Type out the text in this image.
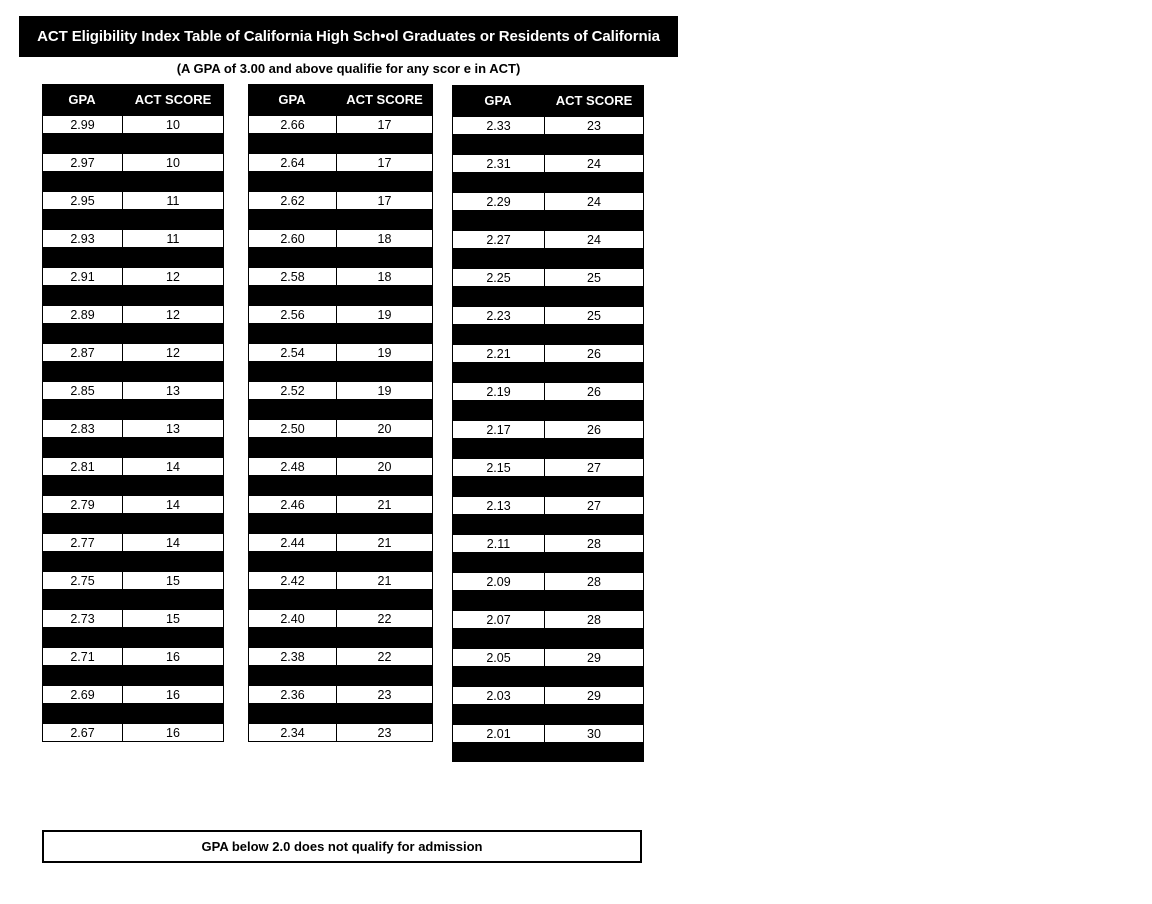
ACT Eligibility Index Table of California High Sch•ol Graduates or Residents of California
(A GPA of 3.00 and above qualifie for any scor e in ACT)
GPA	ACT SCORE
2.99	10
2.97	10
2.95	11
2.93	11
2.91	12
2.89	12
2.87	12
2.85	13
2.83	13
2.81	14
2.79	14
2.77	14
2.75	15
2.73	15
2.71	16
2.69	16
2.67	16
GPA	ACT SCORE
2.66	17
2.64	17
2.62	17
2.60	18
2.58	18
2.56	19
2.54	19
2.52	19
2.50	20
2.48	20
2.46	21
2.44	21
2.42	21
2.40	22
2.38	22
2.36	23
2.34	23
GPA	ACT SCORE
2.33	23
2.31	24
2.29	24
2.27	24
2.25	25
2.23	25
2.21	26
2.19	26
2.17	26
2.15	27
2.13	27
2.11	28
2.09	28
2.07	28
2.05	29
2.03	29
2.01	30
GPA below 2.0 does not qualify for admission
